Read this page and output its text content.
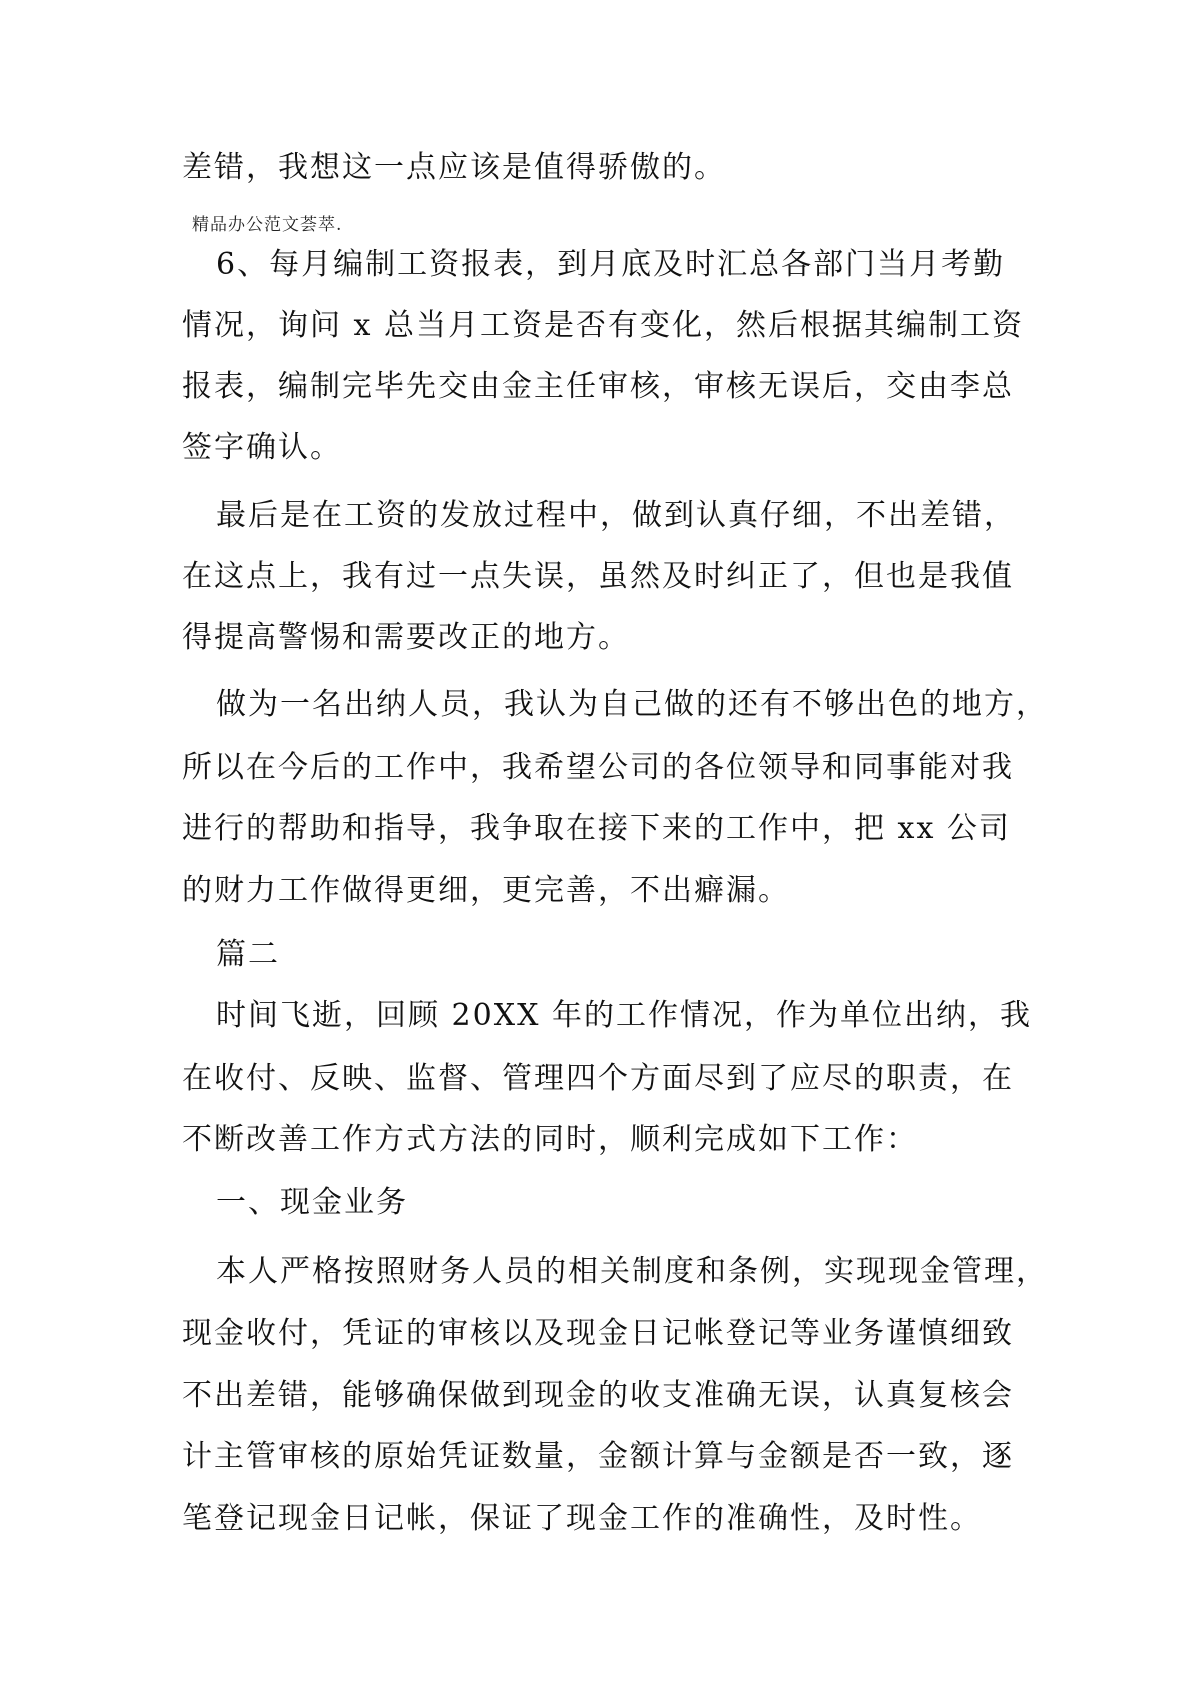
差错，我想这一点应该是值得骄傲的。
精品办公范文荟萃.
6、每月编制工资报表，到月底及时汇总各部门当月考勤
情况，询问 x 总当月工资是否有变化，然后根据其编制工资
报表，编制完毕先交由金主任审核，审核无误后，交由李总
签字确认。
最后是在工资的发放过程中，做到认真仔细，不出差错，
在这点上，我有过一点失误，虽然及时纠正了，但也是我值
得提高警惕和需要改正的地方。
做为一名出纳人员，我认为自己做的还有不够出色的地方，
所以在今后的工作中，我希望公司的各位领导和同事能对我
进行的帮助和指导，我争取在接下来的工作中，把 xx 公司
的财力工作做得更细，更完善，不出癖漏。
篇二
时间飞逝，回顾 20XX 年的工作情况，作为单位出纳，我
在收付、反映、监督、管理四个方面尽到了应尽的职责，在
不断改善工作方式方法的同时，顺利完成如下工作：
一、现金业务
本人严格按照财务人员的相关制度和条例，实现现金管理，
现金收付，凭证的审核以及现金日记帐登记等业务谨慎细致
不出差错，能够确保做到现金的收支准确无误，认真复核会
计主管审核的原始凭证数量，金额计算与金额是否一致，逐
笔登记现金日记帐，保证了现金工作的准确性，及时性。
